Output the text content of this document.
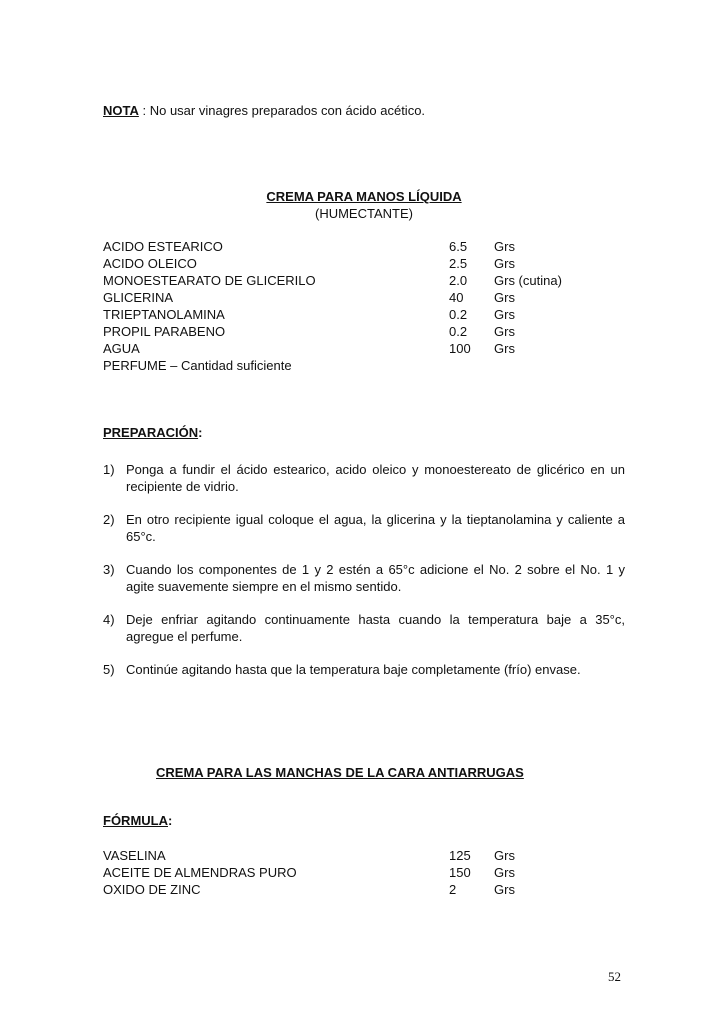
NOTA : No usar vinagres preparados con ácido acético.
CREMA PARA MANOS LÍQUIDA
(HUMECTANTE)
ACIDO ESTEARICO	6.5 Grs
ACIDO OLEICO	2.5 Grs
MONOESTEARATO DE GLICERILO	2.0 Grs (cutina)
GLICERINA	40 Grs
TRIEPTANOLAMINA	0.2 Grs
PROPIL PARABENO	0.2 Grs
AGUA	100 Grs
PERFUME – Cantidad suficiente
PREPARACIÓN:
1) Ponga a fundir el ácido estearico, acido oleico y monoestereato de glicérico en un recipiente de vidrio.
2) En otro recipiente igual coloque el agua, la glicerina y la tieptanolamina y caliente a 65°c.
3) Cuando los componentes de 1 y 2 estén a 65°c adicione el No. 2 sobre el No. 1 y agite suavemente siempre en el mismo sentido.
4) Deje enfriar agitando continuamente hasta cuando la temperatura baje a 35°c, agregue el perfume.
5) Continúe agitando hasta que la temperatura baje completamente (frío) envase.
CREMA PARA LAS MANCHAS DE LA CARA ANTIARRUGAS
FÓRMULA:
VASELINA	125 Grs
ACEITE DE ALMENDRAS PURO	150 Grs
OXIDO DE ZINC	2	Grs
52
